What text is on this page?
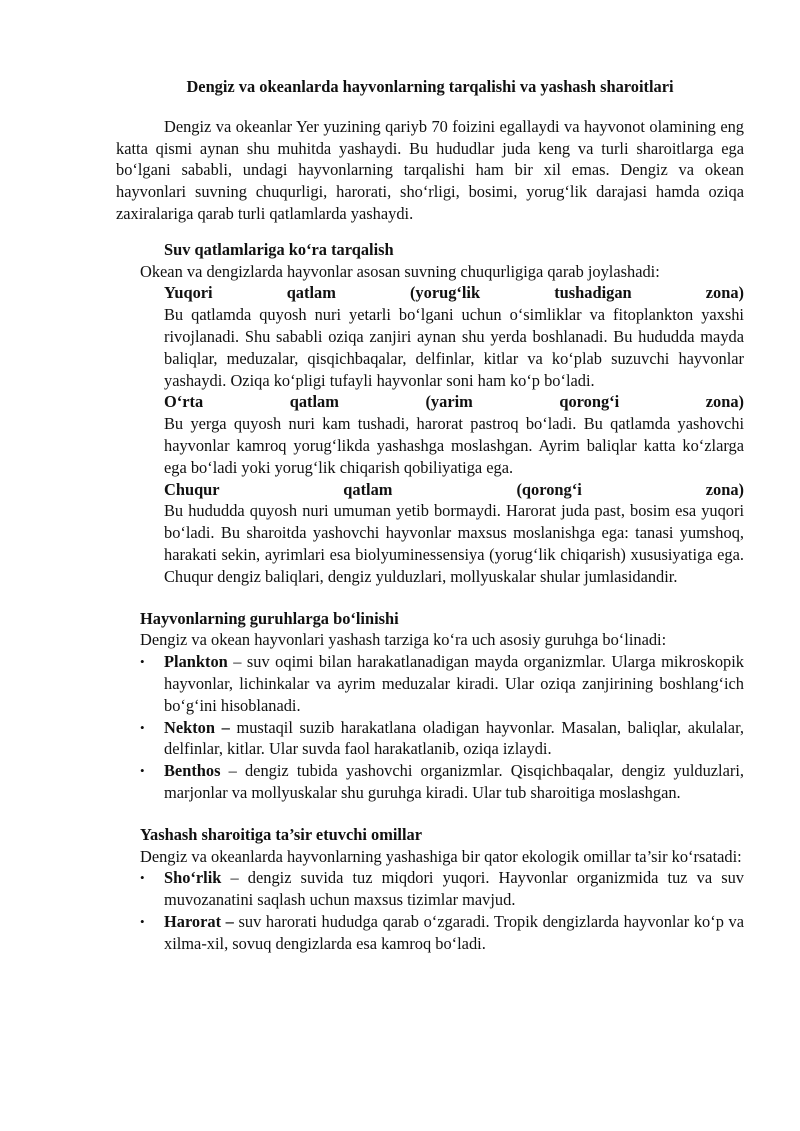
Dengiz va okeanlarda hayvonlarning tarqalishi va yashash sharoitlari

Dengiz va okeanlar Yer yuzining qariyb 70 foizini egallaydi va hayvonot olamining eng katta qismi aynan shu muhitda yashaydi. Bu hududlar juda keng va turli sharoitlarga ega bo‘lgani sababli, undagi hayvonlarning tarqalishi ham bir xil emas. Dengiz va okean hayvonlari suvning chuqurligi, harorati, sho‘rligi, bosimi, yorug‘lik darajasi hamda oziqa zaxiralariga qarab turli qatlamlarda yashaydi.

Suv qatlamlariga ko‘ra tarqalish

Okean va dengizlarda hayvonlar asosan suvning chuqurligiga qarab joylashadi:

Yuqori qatlam (yorug‘lik tushadigan zona)
Bu qatlamda quyosh nuri yetarli bo‘lgani uchun o‘simliklar va fitoplankton yaxshi rivojlanadi. Shu sababli oziqa zanjiri aynan shu yerda boshlanadi. Bu hududda mayda baliqlar, meduzalar, qisqichbaqalar, delfinlar, kitlar va ko‘plab suzuvchi hayvonlar yashaydi. Oziqa ko‘pligi tufayli hayvonlar soni ham ko‘p bo‘ladi.
O‘rta qatlam (yarim qorong‘i zona)
Bu yerga quyosh nuri kam tushadi, harorat pastroq bo‘ladi. Bu qatlamda yashovchi hayvonlar kamroq yorug‘likda yashashga moslashgan. Ayrim baliqlar katta ko‘zlarga ega bo‘ladi yoki yorug‘lik chiqarish qobiliyatiga ega.
Chuqur qatlam (qorong‘i zona)
Bu hududda quyosh nuri umuman yetib bormaydi. Harorat juda past, bosim esa yuqori bo‘ladi. Bu sharoitda yashovchi hayvonlar maxsus moslanishga ega: tanasi yumshoq, harakati sekin, ayrimlari esa biolyuminessensiya (yorug‘lik chiqarish) xususiyatiga ega. Chuqur dengiz baliqlari, dengiz yulduzlari, mollyuskalar shular jumlasidandir.

Hayvonlarning guruhlarga bo‘linishi

Dengiz va okean hayvonlari yashash tarziga ko‘ra uch asosiy guruhga bo‘linadi:

• Plankton – suv oqimi bilan harakatlanadigan mayda organizmlar. Ularga mikroskopik hayvonlar, lichinkalar va ayrim meduzalar kiradi. Ular oziqa zanjirining boshlang‘ich bo‘g‘ini hisoblanadi.
• Nekton – mustaqil suzib harakatlana oladigan hayvonlar. Masalan, baliqlar, akulalar, delfinlar, kitlar. Ular suvda faol harakatlanib, oziqa izlaydi.
• Benthos – dengiz tubida yashovchi organizmlar. Qisqichbaqalar, dengiz yulduzlari, marjonlar va mollyuskalar shu guruhga kiradi. Ular tub sharoitiga moslashgan.

Yashash sharoitiga ta’sir etuvchi omillar

Dengiz va okeanlarda hayvonlarning yashashiga bir qator ekologik omillar ta’sir ko‘rsatadi:

• Sho‘rlik – dengiz suvida tuz miqdori yuqori. Hayvonlar organizmida tuz va suv muvozanatini saqlash uchun maxsus tizimlar mavjud.
• Harorat – suv harorati hududga qarab o‘zgaradi. Tropik dengizlarda hayvonlar ko‘p va xilma-xil, sovuq dengizlarda esa kamroq bo‘ladi.
